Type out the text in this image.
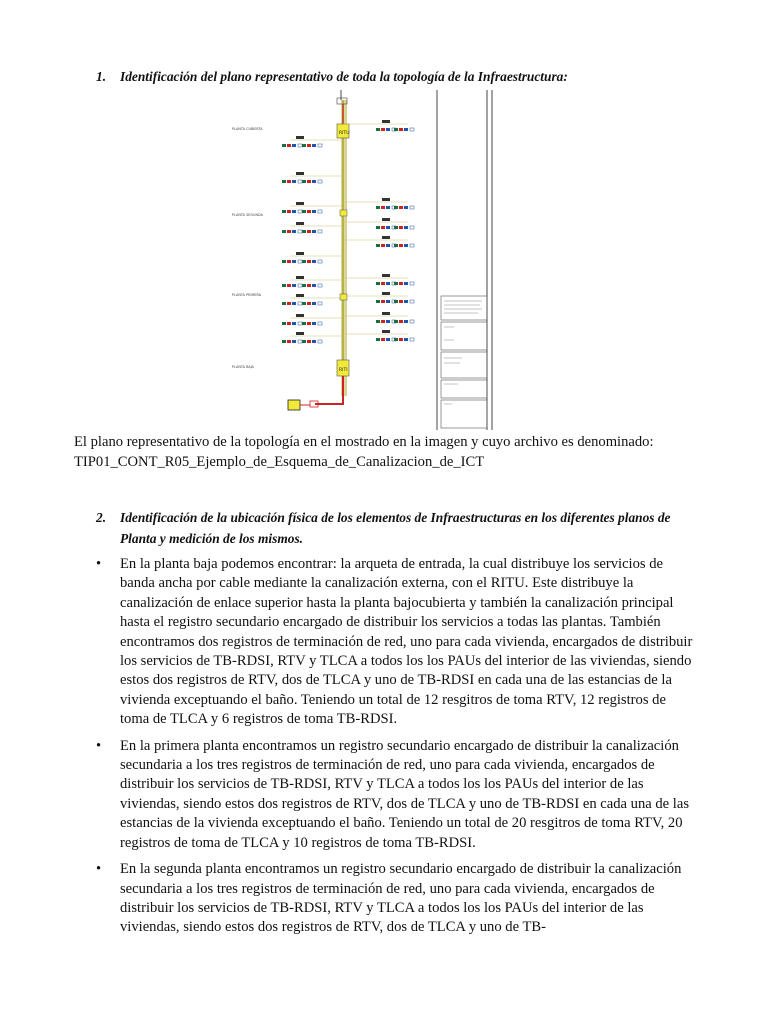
1. Identificación del plano representativo de toda la topología de la Infraestructura:
RITU
RITI
PLANTA CUBIERTA
PLANTA SEGUNDA
PLANTA PRIMERA
PLANTA BAJA
El plano representativo de la topología en el mostrado en la imagen y cuyo archivo es denominado:
TIP01_CONT_R05_Ejemplo_de_Esquema_de_Canalizacion_de_ICT
2. Identificación de la ubicación física de los elementos de Infraestructuras en los diferentes planos de Planta y medición de los mismos.
• En la planta baja podemos encontrar: la arqueta de entrada, la cual distribuye los servicios de banda ancha por cable mediante la canalización externa, con el RITU. Este distribuye la canalización de enlace superior hasta la planta bajocubierta y también la canalización principal hasta el registro secundario encargado de distribuir los servicios a todas las plantas. También encontramos dos registros de terminación de red, uno para cada vivienda, encargados de distribuir los servicios de TB-RDSI, RTV y TLCA a todos los los PAUs del interior de las viviendas, siendo estos dos registros de RTV, dos de TLCA y uno de TB-RDSI en cada una de las estancias de la vivienda exceptuando el baño. Teniendo un total de 12 resgitros de toma RTV, 12 registros de toma de TLCA y 6 registros de toma TB-RDSI.
• En la primera planta encontramos un registro secundario encargado de distribuir la canalización secundaria a los tres registros de terminación de red, uno para cada vivienda, encargados de distribuir los servicios de TB-RDSI, RTV y TLCA a todos los los PAUs del interior de las viviendas, siendo estos dos registros de RTV, dos de TLCA y uno de TB-RDSI en cada una de las estancias de la vivienda exceptuando el baño. Teniendo un total de 20 resgitros de toma RTV, 20 registros de toma de TLCA y 10 registros de toma TB-RDSI.
• En la segunda planta encontramos un registro secundario encargado de distribuir la canalización secundaria a los tres registros de terminación de red, uno para cada vivienda, encargados de distribuir los servicios de TB-RDSI, RTV y TLCA a todos los los PAUs del interior de las viviendas, siendo estos dos registros de RTV, dos de TLCA y uno de TB-
